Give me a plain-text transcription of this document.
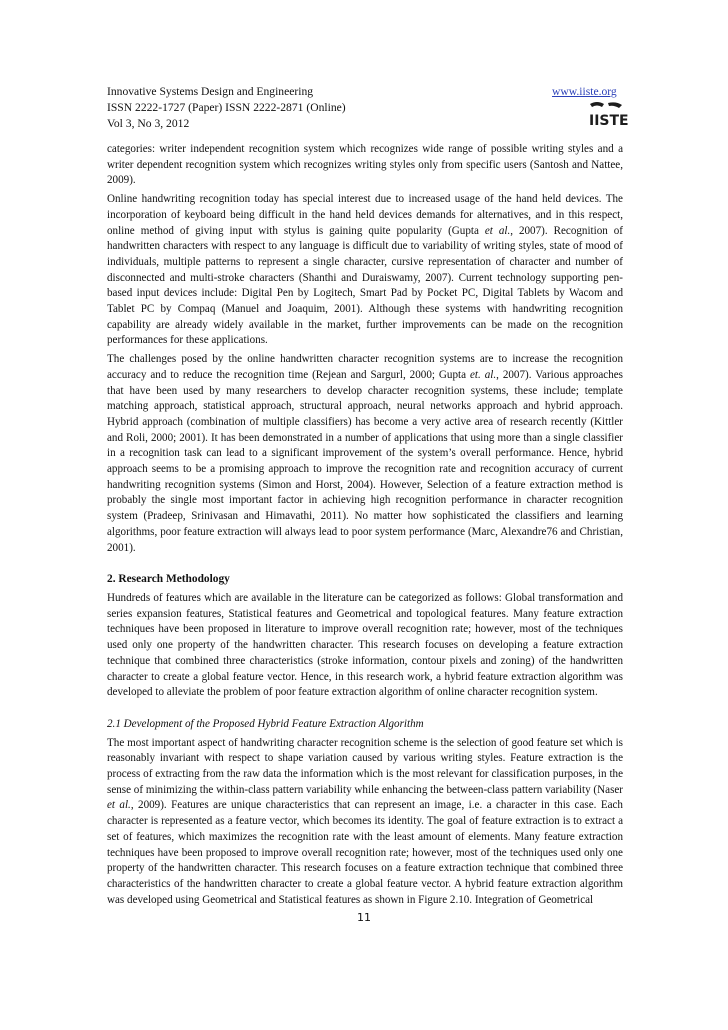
Innovative Systems Design and Engineering
ISSN 2222-1727 (Paper) ISSN 2222-2871 (Online)
Vol 3, No 3, 2012
www.iiste.org
IISTE

categories: writer independent recognition system which recognizes wide range of possible writing styles and a writer dependent recognition system which recognizes writing styles only from specific users (Santosh and Nattee, 2009).

Online handwriting recognition today has special interest due to increased usage of the hand held devices. The incorporation of keyboard being difficult in the hand held devices demands for alternatives, and in this respect, online method of giving input with stylus is gaining quite popularity (Gupta et al., 2007). Recognition of handwritten characters with respect to any language is difficult due to variability of writing styles, state of mood of individuals, multiple patterns to represent a single character, cursive representation of character and number of disconnected and multi-stroke characters (Shanthi and Duraiswamy, 2007). Current technology supporting pen-based input devices include: Digital Pen by Logitech, Smart Pad by Pocket PC, Digital Tablets by Wacom and Tablet PC by Compaq (Manuel and Joaquim, 2001). Although these systems with handwriting recognition capability are already widely available in the market, further improvements can be made on the recognition performances for these applications.

The challenges posed by the online handwritten character recognition systems are to increase the recognition accuracy and to reduce the recognition time (Rejean and Sargurl, 2000; Gupta et. al., 2007). Various approaches that have been used by many researchers to develop character recognition systems, these include; template matching approach, statistical approach, structural approach, neural networks approach and hybrid approach. Hybrid approach (combination of multiple classifiers) has become a very active area of research recently (Kittler and Roli, 2000; 2001). It has been demonstrated in a number of applications that using more than a single classifier in a recognition task can lead to a significant improvement of the system’s overall performance. Hence, hybrid approach seems to be a promising approach to improve the recognition rate and recognition accuracy of current handwriting recognition systems (Simon and Horst, 2004). However, Selection of a feature extraction method is probably the single most important factor in achieving high recognition performance in character recognition system (Pradeep, Srinivasan and Himavathi, 2011). No matter how sophisticated the classifiers and learning algorithms, poor feature extraction will always lead to poor system performance (Marc, Alexandre76 and Christian, 2001).

2. Research Methodology

Hundreds of features which are available in the literature can be categorized as follows: Global transformation and series expansion features, Statistical features and Geometrical and topological features. Many feature extraction techniques have been proposed in literature to improve overall recognition rate; however, most of the techniques used only one property of the handwritten character. This research focuses on developing a feature extraction technique that combined three characteristics (stroke information, contour pixels and zoning) of the handwritten character to create a global feature vector. Hence, in this research work, a hybrid feature extraction algorithm was developed to alleviate the problem of poor feature extraction algorithm of online character recognition system.

2.1 Development of the Proposed Hybrid Feature Extraction Algorithm

The most important aspect of handwriting character recognition scheme is the selection of good feature set which is reasonably invariant with respect to shape variation caused by various writing styles. Feature extraction is the process of extracting from the raw data the information which is the most relevant for classification purposes, in the sense of minimizing the within-class pattern variability while enhancing the between-class pattern variability (Naser et al., 2009). Features are unique characteristics that can represent an image, i.e. a character in this case. Each character is represented as a feature vector, which becomes its identity. The goal of feature extraction is to extract a set of features, which maximizes the recognition rate with the least amount of elements. Many feature extraction techniques have been proposed to improve overall recognition rate; however, most of the techniques used only one property of the handwritten character. This research focuses on a feature extraction technique that combined three characteristics of the handwritten character to create a global feature vector. A hybrid feature extraction algorithm was developed using Geometrical and Statistical features as shown in Figure 2.10. Integration of Geometrical

11
